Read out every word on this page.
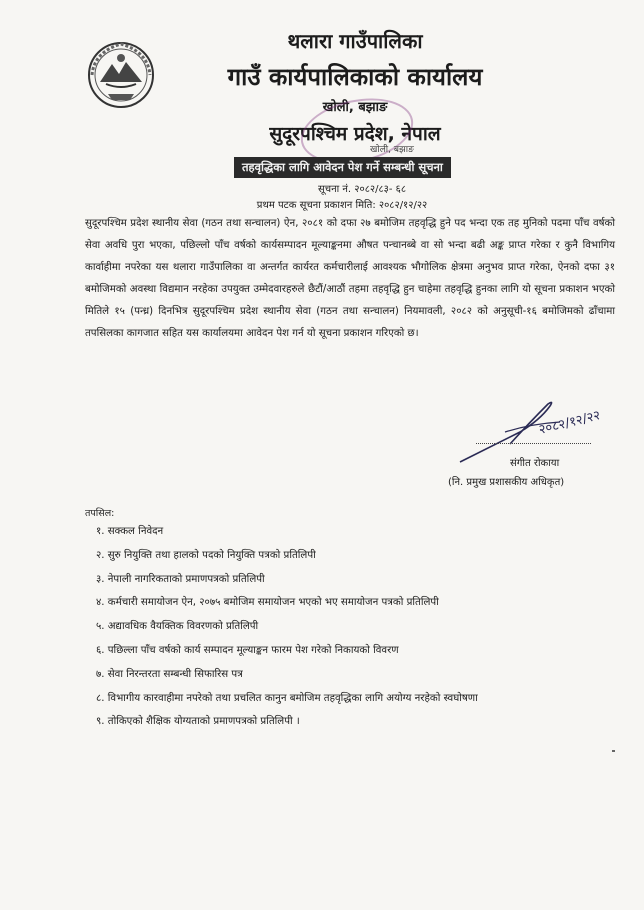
थलारा गाउँपालिका
गाउँ कार्यपालिकाको कार्यालय
खोली, बझाङ
सुदूरपश्चिम प्रदेश, नेपाल
खोली, बझाङ
तहवृद्धिका लागि आवेदन पेश गर्ने सम्बन्धी सूचना
सूचना नं. २०८२/८३- ६८
प्रथम पटक सूचना प्रकाशन मिति: २०८२/१२/२२
सुदूरपश्चिम प्रदेश स्थानीय सेवा (गठन तथा सन्चालन) ऐन, २०८१ को दफा २७ बमोजिम तहवृद्धि हुने पद भन्दा एक तह मुनिको पदमा पाँच वर्षको सेवा अवधि पुरा भएका, पछिल्लो पाँच वर्षको कार्यसम्पादन मूल्याङ्कनमा औषत पन्चानब्बे वा सो भन्दा बढी अङ्क प्राप्त गरेका र कुनै विभागिय कार्वाहीमा नपरेका यस थलारा गाउँपालिका वा अन्तर्गत कार्यरत कर्मचारीलाई आवश्यक भौगोलिक क्षेत्रमा अनुभव प्राप्त गरेका, ऐनको दफा ३१ बमोजिमको अवस्था विद्यमान नरहेका उपयुक्त उम्मेदवारहरुले छैटौं/आठौं तहमा तहवृद्धि हुन चाहेमा तहवृद्धि हुनका लागि यो सूचना प्रकाशन भएको मितिले १५ (पन्ध्र) दिनभित्र सुदूरपश्चिम प्रदेश स्थानीय सेवा (गठन तथा सन्चालन) नियमावली, २०८२ को अनुसूची-१६ बमोजिमको ढाँचामा तपसिलका कागजात सहित यस कार्यालयमा आवेदन पेश गर्न यो सूचना प्रकाशन गरिएको छ।
२०८२/१२/२२
संगीत रोकाया
(नि. प्रमुख प्रशासकीय अधिकृत)
तपसिल:
१. सक्कल निवेदन
२. सुरु नियुक्ति तथा हालको पदको नियुक्ति पत्रको प्रतिलिपी
३. नेपाली नागरिकताको प्रमाणपत्रको प्रतिलिपी
४. कर्मचारी समायोजन ऐन, २०७५ बमोजिम समायोजन भएको भए समायोजन पत्रको प्रतिलिपी
५. अद्यावधिक वैयक्तिक विवरणको प्रतिलिपी
६. पछिल्ला पाँच वर्षको कार्य सम्पादन मूल्याङ्कन फारम पेश गरेको निकायको विवरण
७. सेवा निरन्तरता सम्बन्धी सिफारिस पत्र
८. विभागीय कारवाहीमा नपरेको तथा प्रचलित कानुन बमोजिम तहवृद्धिका लागि अयोग्य नरहेको स्वघोषणा
९. तोकिएको शैक्षिक योग्यताको प्रमाणपत्रको प्रतिलिपी ।
